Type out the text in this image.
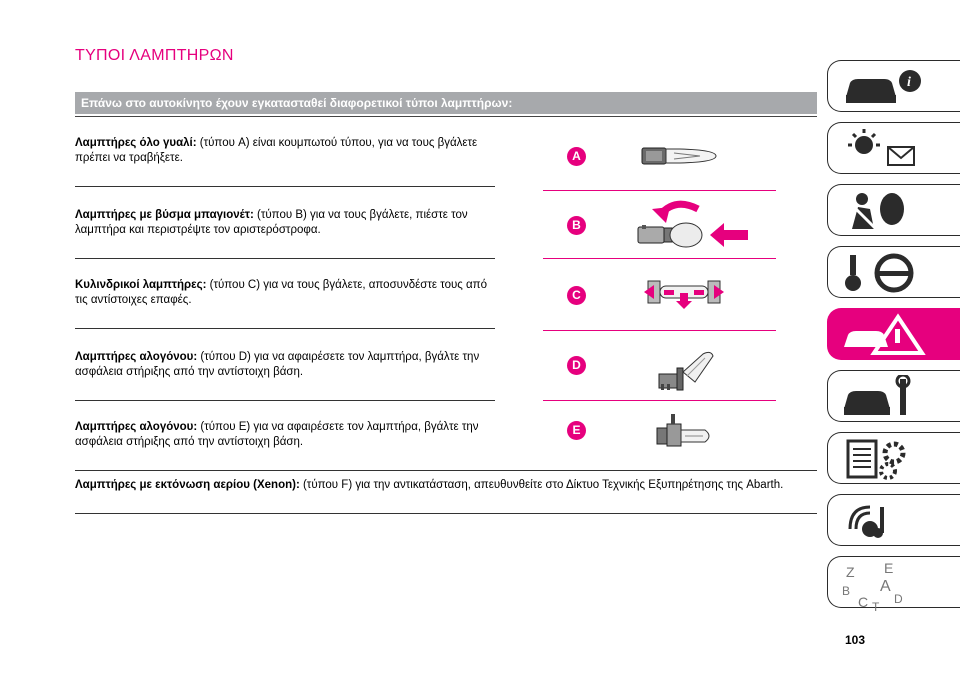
ΤΥΠΟΙ ΛΑΜΠΤΗΡΩΝ
Επάνω στο αυτοκίνητο έχουν εγκατασταθεί διαφορετικοί τύποι λαμπτήρων:
Λαμπτήρες όλο γυαλί: (τύπου A) είναι κουμπωτού τύπου, για να τους βγάλετε πρέπει να τραβήξετε.
Λαμπτήρες με βύσμα μπαγιονέτ: (τύπου B) για να τους βγάλετε, πιέστε τον λαμπτήρα και περιστρέψτε τον αριστερόστροφα.
Κυλινδρικοί λαμπτήρες: (τύπου C) για να τους βγάλετε, αποσυνδέστε τους από τις αντίστοιχες επαφές.
Λαμπτήρες αλογόνου: (τύπου D) για να αφαιρέσετε τον λαμπτήρα, βγάλτε την ασφάλεια στήριξης από την αντίστοιχη βάση.
Λαμπτήρες αλογόνου: (τύπου E) για να αφαιρέσετε τον λαμπτήρα, βγάλτε την ασφάλεια στήριξης από την αντίστοιχη βάση.
A
B
C
D
E
Λαμπτήρες με εκτόνωση αερίου (Xenon): (τύπου F) για την αντικατάσταση, απευθυνθείτε στο Δίκτυο Τεχνικής Εξυπηρέτησης της Abarth.
i
Z E
B A
C D
T
103
